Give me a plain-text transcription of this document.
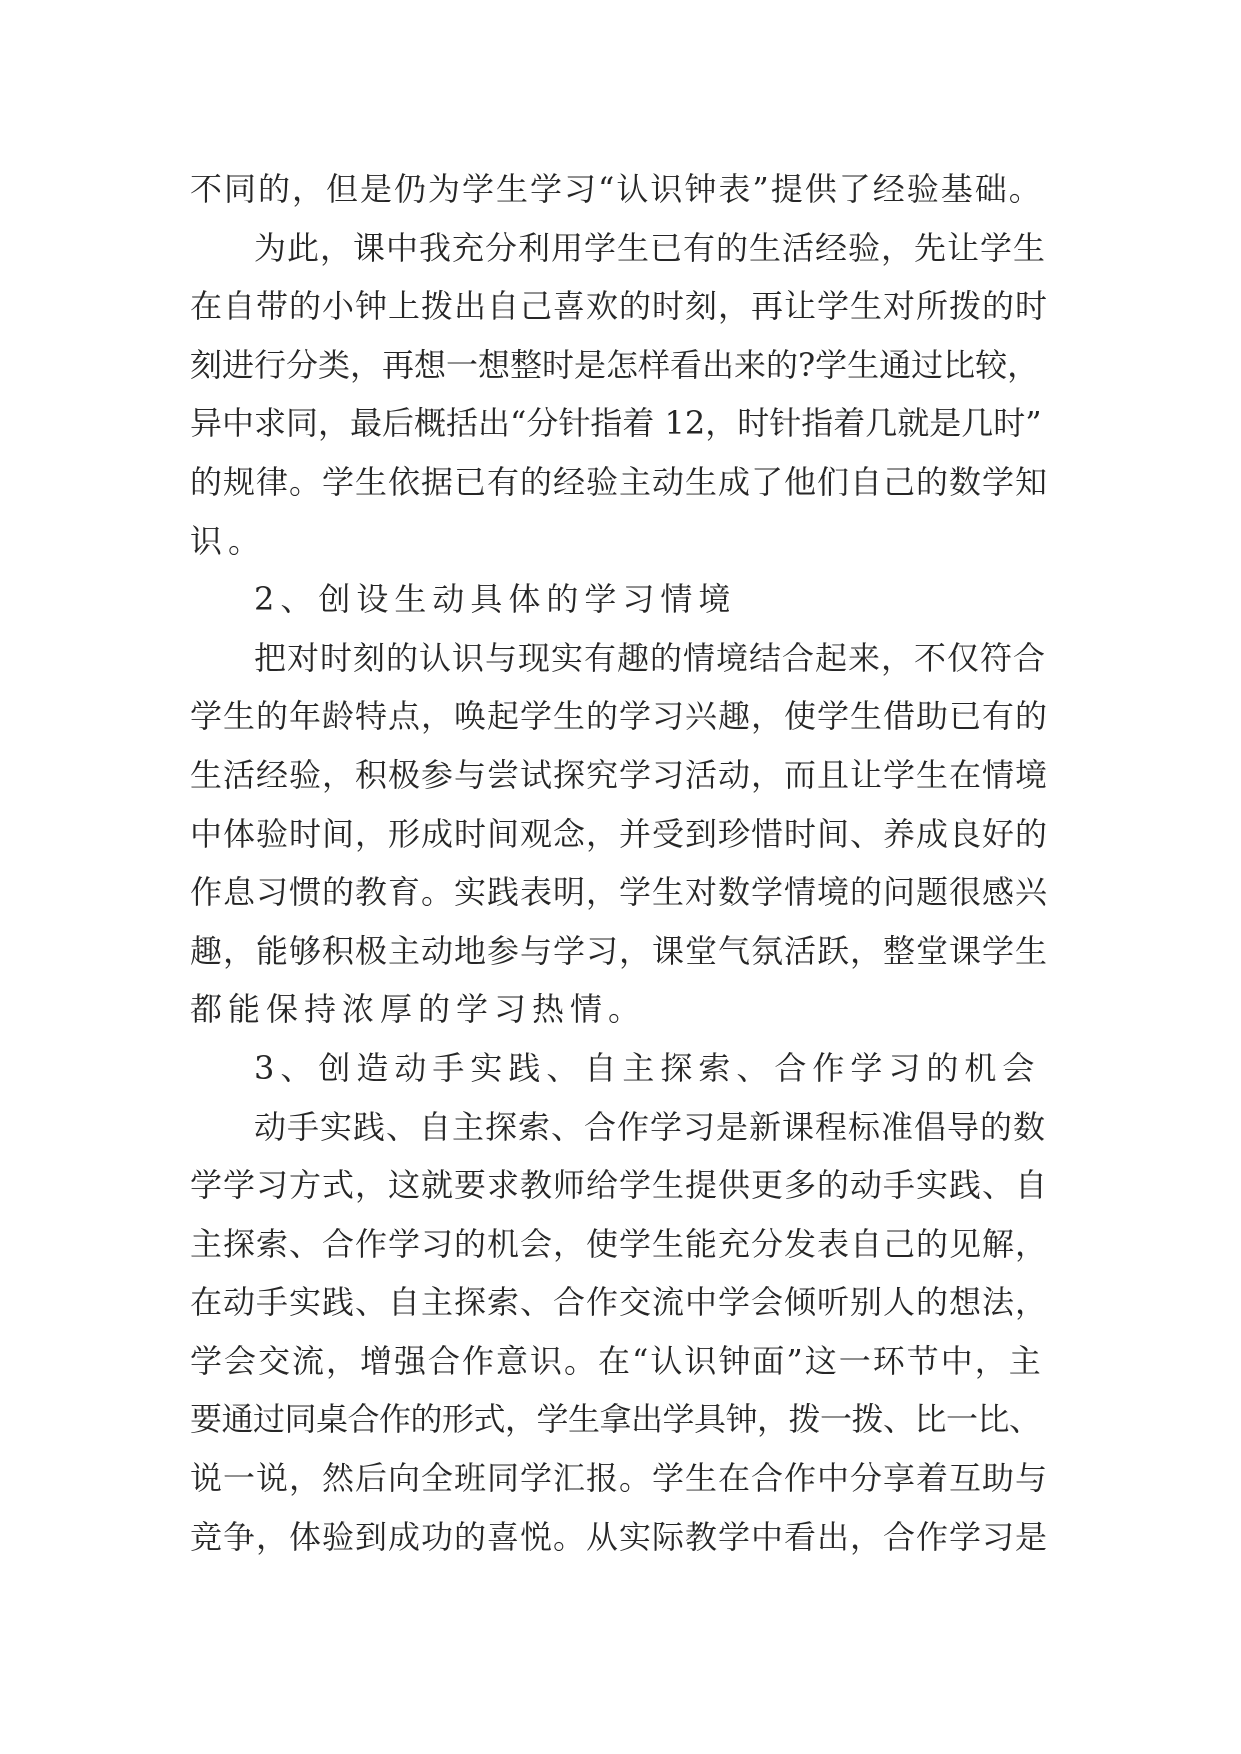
不同的，但是仍为学生学习“认识钟表”提供了经验基础。
为此，课中我充分利用学生已有的生活经验，先让学生
在自带的小钟上拨出自己喜欢的时刻，再让学生对所拨的时
刻进行分类，再想一想整时是怎样看出来的?学生通过比较，
异中求同，最后概括出“分针指着 12，时针指着几就是几时”
的规律。学生依据已有的经验主动生成了他们自己的数学知
识。
2、创设生动具体的学习情境
把对时刻的认识与现实有趣的情境结合起来，不仅符合
学生的年龄特点，唤起学生的学习兴趣，使学生借助已有的
生活经验，积极参与尝试探究学习活动，而且让学生在情境
中体验时间，形成时间观念，并受到珍惜时间、养成良好的
作息习惯的教育。实践表明，学生对数学情境的问题很感兴
趣，能够积极主动地参与学习，课堂气氛活跃，整堂课学生
都能保持浓厚的学习热情。
3、创造动手实践、自主探索、合作学习的机会
动手实践、自主探索、合作学习是新课程标准倡导的数
学学习方式，这就要求教师给学生提供更多的动手实践、自
主探索、合作学习的机会，使学生能充分发表自己的见解，
在动手实践、自主探索、合作交流中学会倾听别人的想法，
学会交流，增强合作意识。在“认识钟面”这一环节中，主
要通过同桌合作的形式，学生拿出学具钟，拨一拨、比一比、
说一说，然后向全班同学汇报。学生在合作中分享着互助与
竞争，体验到成功的喜悦。从实际教学中看出，合作学习是
